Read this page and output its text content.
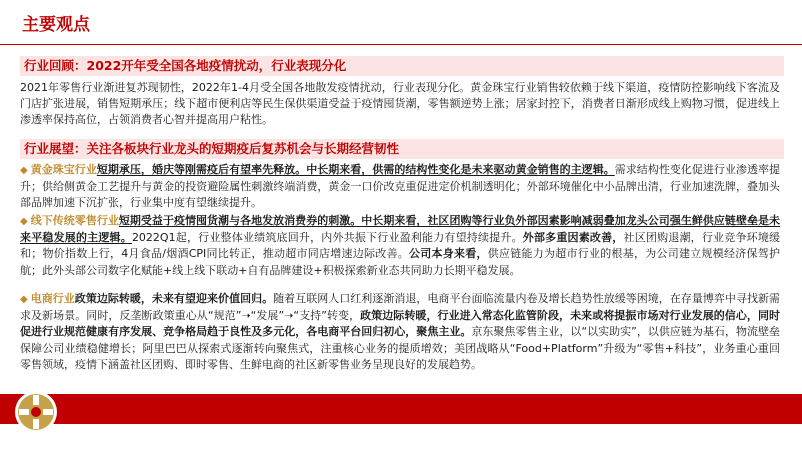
主要观点
行业回顾：2022开年受全国各地疫情扰动，行业表现分化
2021年零售行业渐进复苏现韧性，2022年1-4月受全国各地散发疫情扰动，行业表现分化。黄金珠宝行业销售较依赖于线下渠道，疫情防控影响线下客流及门店扩张进展，销售短期承压；线下超市便利店等民生保供渠道受益于疫情囤货潮，零售额逆势上涨；居家封控下，消费者日渐形成线上购物习惯，促进线上渗透率保持高位，占领消费者心智并提高用户粘性。
行业展望：关注各板块行业龙头的短期疫后复苏机会与长期经营韧性
◆ 黄金珠宝行业短期承压，婚庆等刚需疫后有望率先释放。中长期来看，供需的结构性变化是未来驱动黄金销售的主逻辑。需求结构性变化促进行业渗透率提升；供给侧黄金工艺提升与黄金的投资避险属性刺激终端消费，黄金一口价改克重促进定价机制透明化；外部环境催化中小品牌出清，行业加速洗牌，叠加头部品牌加速下沉扩张，行业集中度有望继续提升。
◆ 线下传统零售行业短期受益于疫情囤货潮与各地发放消费券的刺激。中长期来看，社区团购等行业负外部因素影响减弱叠加龙头公司强生鲜供应链壁垒是未来平稳发展的主逻辑。2022Q1起，行业整体业绩筑底回升，内外共振下行业盈利能力有望持续提升。外部多重因素改善，社区团购退潮，行业竞争环境缓和；物价指数上行，4月食品/烟酒CPI同比转正，推动超市同店增速边际改善。公司本身来看，供应链能力为超市行业的根基，为公司建立规模经济保驾护航；此外头部公司数字化赋能+线上线下联动+自有品牌建设+积极探索新业态共同助力长期平稳发展。
◆ 电商行业政策边际转暖，未来有望迎来价值回归。随着互联网人口红利逐渐消退，电商平台面临流量内卷及增长趋势性放缓等困境，在存量博弈中寻找新需求及新场景。同时，反垄断政策重心从“规范”➝“发展”➝“支持”转变，政策边际转暖，行业进入常态化监管阶段，未来或将提振市场对行业发展的信心，同时促进行业规范健康有序发展、竞争格局趋于良性及多元化，各电商平台回归初心，聚焦主业。京东聚焦零售主业，以“以实助实”，以供应链为基石，物流壁垒保障公司业绩稳健增长；阿里巴巴从探索式逐渐转向聚焦式，注重核心业务的提质增效；美团战略从“Food+Platform”升级为“零售+科技”，业务重心重回零售领域，疫情下涵盖社区团购、即时零售、生鲜电商的社区新零售业务呈现良好的发展趋势。
2
